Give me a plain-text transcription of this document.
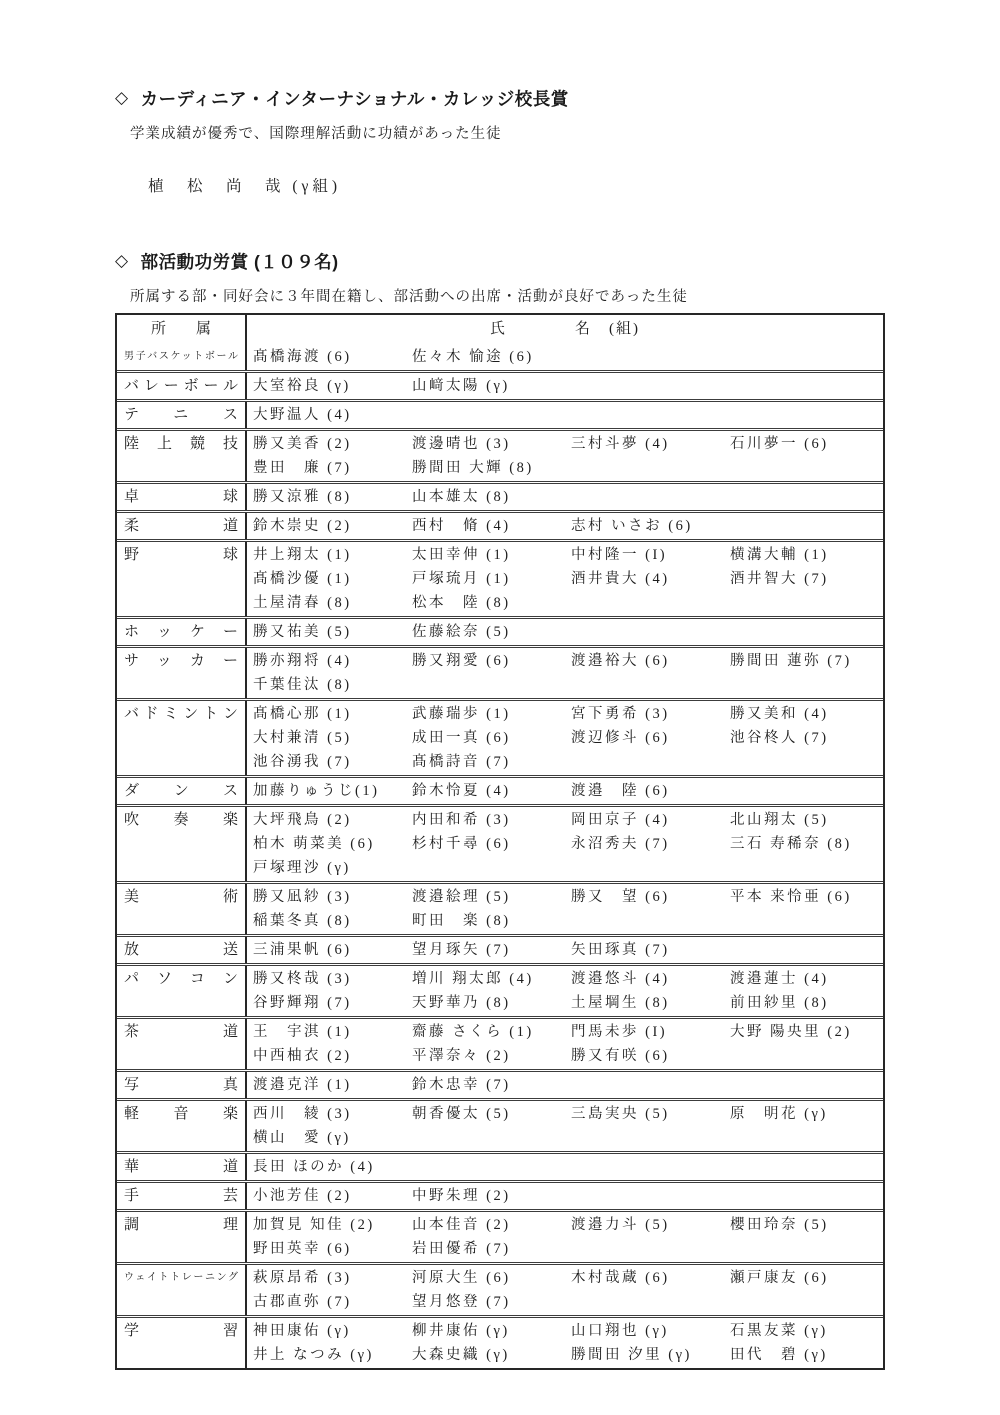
◇ カーディニア・インターナショナル・カレッジ校長賞
学業成績が優秀で、国際理解活動に功績があった生徒
植　松　尚　哉 (γ組)
◇ 部活動功労賞 (１０９名)
所属する部・同好会に３年間在籍し、部活動への出席・活動が良好であった生徒
所　　属	氏　　　　名　(組)
男子バスケットボール	髙橋海渡 (6)	佐々木 愉途 (6)
バレーボール	大室裕良 (γ)	山﨑太陽 (γ)
テニス	大野温人 (4)
陸上競技	勝又美香 (2)	渡邊晴也 (3)	三村斗夢 (4)	石川夢一 (6)
豊田　廉 (7)	勝間田 大輝 (8)
卓球	勝又涼雅 (8)	山本雄太 (8)
柔道	鈴木崇史 (2)	西村　脩 (4)	志村 いさお (6)
野球	井上翔太 (1)	太田幸伸 (1)	中村隆一 (I)	横溝大輔 (1)
髙橋沙優 (1)	戸塚琉月 (1)	酒井貴大 (4)	酒井智大 (7)
土屋清春 (8)	松本　陸 (8)
ホッケー	勝又祐美 (5)	佐藤絵奈 (5)
サッカー	勝亦翔将 (4)	勝又翔愛 (6)	渡邉裕大 (6)	勝間田 蓮弥 (7)
千葉佳汰 (8)
バドミントン	髙橋心那 (1)	武藤瑞歩 (1)	宮下勇希 (3)	勝又美和 (4)
大村兼清 (5)	成田一真 (6)	渡辺修斗 (6)	池谷柊人 (7)
池谷湧我 (7)	髙橋詩音 (7)
ダンス	加藤りゅうじ(1)	鈴木怜夏 (4)	渡邉　陸 (6)
吹奏楽	大坪飛鳥 (2)	内田和希 (3)	岡田京子 (4)	北山翔太 (5)
柏木 萌菜美 (6)	杉村千尋 (6)	永沼秀夫 (7)	三石 寿稀奈 (8)
戸塚理沙 (γ)
美術	勝又凪紗 (3)	渡邉絵理 (5)	勝又　望 (6)	平本 来怜亜 (6)
稲葉冬真 (8)	町田　楽 (8)
放送	三浦果帆 (6)	望月琢矢 (7)	矢田琢真 (7)
パソコン	勝又柊哉 (3)	増川 翔太郎 (4)	渡邉悠斗 (4)	渡邉蓮士 (4)
谷野輝翔 (7)	天野華乃 (8)	土屋堈生 (8)	前田紗里 (8)
茶道	王　宇淇 (1)	齋藤 さくら (1)	門馬未歩 (I)	大野 陽央里 (2)
中西柚衣 (2)	平澤奈々 (2)	勝又有咲 (6)
写真	渡邉克洋 (1)	鈴木忠幸 (7)
軽音楽	西川　綾 (3)	朝香優太 (5)	三島実央 (5)	原　明花 (γ)
横山　愛 (γ)
華道	長田 ほのか (4)
手芸	小池芳佳 (2)	中野朱理 (2)
調理	加賀見 知佳 (2)	山本佳音 (2)	渡邉力斗 (5)	櫻田玲奈 (5)
野田英幸 (6)	岩田優希 (7)
ウェイトトレーニング	萩原昂希 (3)	河原大生 (6)	木村哉蔵 (6)	瀬戸康友 (6)
古郡直弥 (7)	望月悠登 (7)
学習	神田康佑 (γ)	柳井康佑 (γ)	山口翔也 (γ)	石黒友菜 (γ)
井上 なつみ (γ)	大森史織 (γ)	勝間田 汐里 (γ)	田代　碧 (γ)
